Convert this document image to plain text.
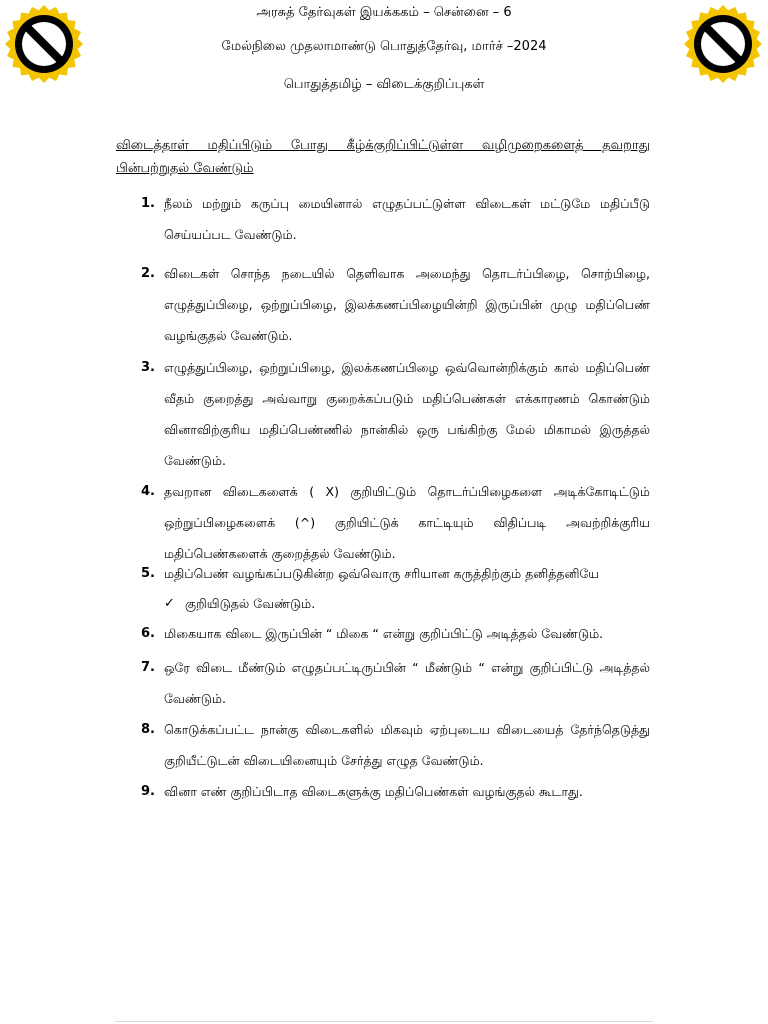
அரசுத் தேர்வுகள் இயக்ககம் – சென்னை – 6
மேல்நிலை முதலாமாண்டு பொதுத்தேர்வு, மார்ச் –2024
பொதுத்தமிழ் – விடைக்குறிப்புகள்
விடைத்தாள் மதிப்பிடும் போது கீழ்க்குறிப்பிட்டுள்ள வழிமுறைகளைத் தவறாது பின்பற்றுதல் வேண்டும்
1. நீலம் மற்றும் கருப்பு மையினால் எழுதப்பட்டுள்ள விடைகள் மட்டுமே மதிப்பீடு செய்யப்பட வேண்டும்.
2. விடைகள் சொந்த நடையில் தெளிவாக அமைந்து தொடர்ப்பிழை, சொற்பிழை, எழுத்துப்பிழை, ஒற்றுப்பிழை, இலக்கணப்பிழையின்றி இருப்பின் முழு மதிப்பெண் வழங்குதல் வேண்டும்.
3. எழுத்துப்பிழை, ஒற்றுப்பிழை, இலக்கணப்பிழை ஒவ்வொன்றிக்கும் கால் மதிப்பெண் வீதம் குறைத்து அவ்வாறு குறைக்கப்படும் மதிப்பெண்கள் எக்காரணம் கொண்டும் வினாவிற்குரிய மதிப்பெண்ணில் நான்கில் ஒரு பங்கிற்கு மேல் மிகாமல் இருத்தல் வேண்டும்.
4. தவறான விடைகளைக் ( X) குறியிட்டும் தொடர்ப்பிழைகளை அடிக்கோடிட்டும் ஒற்றுப்பிழைகளைக் (^) குறியிட்டுக் காட்டியும் விதிப்படி அவற்றிக்குரிய மதிப்பெண்களைக் குறைத்தல் வேண்டும்.
5. மதிப்பெண் வழங்கப்படுகின்ற ஒவ்வொரு சரியான கருத்திற்கும் தனித்தனியே
✓ குறியிடுதல் வேண்டும்.
6. மிகையாக விடை இருப்பின் “ மிகை “ என்று குறிப்பிட்டு அடித்தல் வேண்டும்.
7. ஒரே விடை மீண்டும் எழுதப்பட்டிருப்பின் “ மீண்டும் “ என்று குறிப்பிட்டு அடித்தல் வேண்டும்.
8. கொடுக்கப்பட்ட நான்கு விடைகளில் மிகவும் ஏற்புடைய விடையைத் தேர்ந்தெடுத்து குறியீட்டுடன் விடையினையும் சேர்த்து எழுத வேண்டும்.
9. வினா எண் குறிப்பிடாத விடைகளுக்கு மதிப்பெண்கள் வழங்குதல் கூடாது.
